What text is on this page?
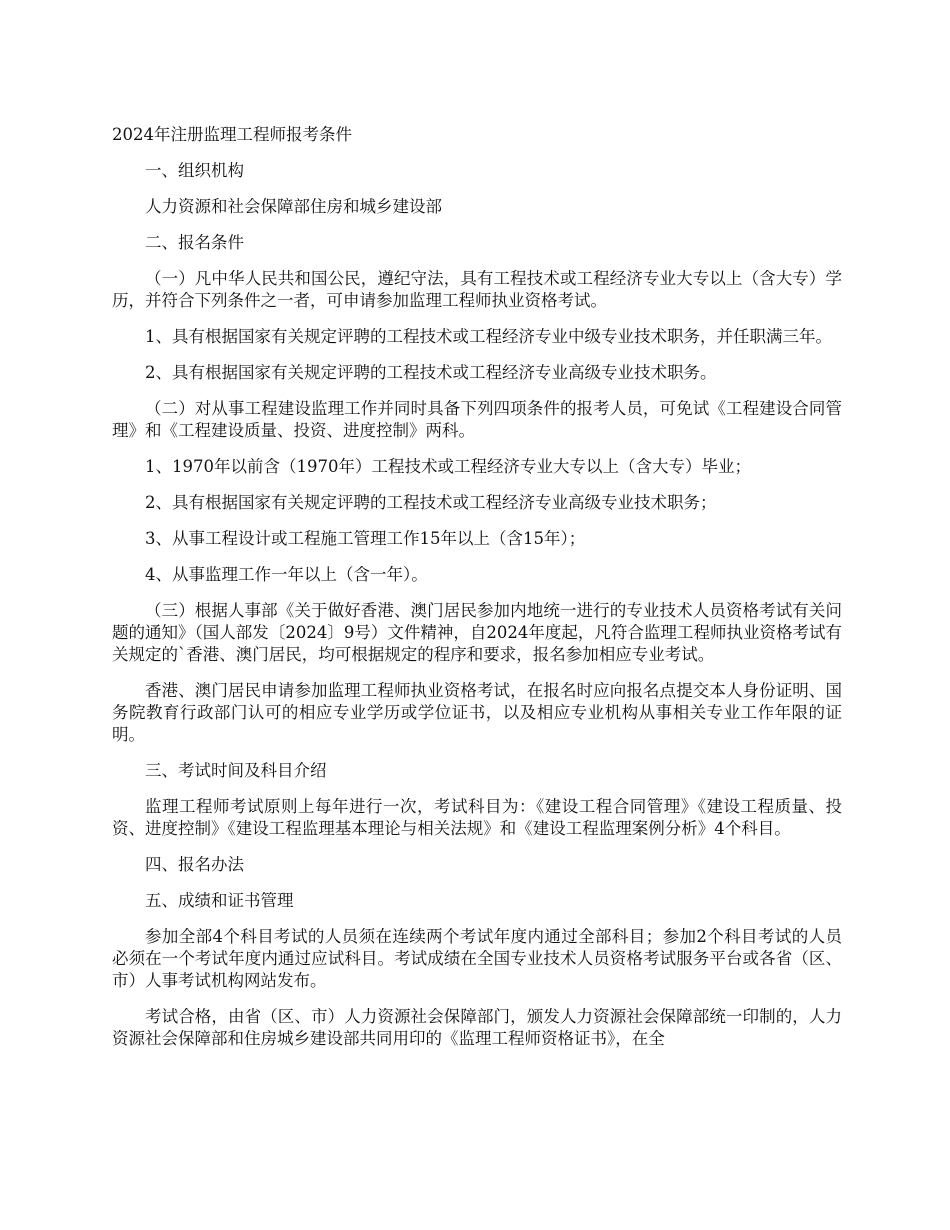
2024年注册监理工程师报考条件

一、组织机构

人力资源和社会保障部住房和城乡建设部

二、报名条件

（一）凡中华人民共和国公民，遵纪守法，具有工程技术或工程经济专业大专以上（含大专）学历，并符合下列条件之一者，可申请参加监理工程师执业资格考试。

1、具有根据国家有关规定评聘的工程技术或工程经济专业中级专业技术职务，并任职满三年。

2、具有根据国家有关规定评聘的工程技术或工程经济专业高级专业技术职务。

（二）对从事工程建设监理工作并同时具备下列四项条件的报考人员，可免试《工程建设合同管理》和《工程建设质量、投资、进度控制》两科。

1、1970年以前含（1970年）工程技术或工程经济专业大专以上（含大专）毕业；

2、具有根据国家有关规定评聘的工程技术或工程经济专业高级专业技术职务；

3、从事工程设计或工程施工管理工作15年以上（含15年）；

4、从事监理工作一年以上（含一年）。

（三）根据人事部《关于做好香港、澳门居民参加内地统一进行的专业技术人员资格考试有关问题的通知》（国人部发〔2024〕9号）文件精神，自2024年度起，凡符合监理工程师执业资格考试有关规定的`香港、澳门居民，均可根据规定的程序和要求，报名参加相应专业考试。

香港、澳门居民申请参加监理工程师执业资格考试，在报名时应向报名点提交本人身份证明、国务院教育行政部门认可的相应专业学历或学位证书，以及相应专业机构从事相关专业工作年限的证明。

三、考试时间及科目介绍

监理工程师考试原则上每年进行一次，考试科目为：《建设工程合同管理》《建设工程质量、投资、进度控制》《建设工程监理基本理论与相关法规》和《建设工程监理案例分析》4个科目。

四、报名办法

五、成绩和证书管理

参加全部4个科目考试的人员须在连续两个考试年度内通过全部科目；参加2个科目考试的人员必须在一个考试年度内通过应试科目。考试成绩在全国专业技术人员资格考试服务平台或各省（区、市）人事考试机构网站发布。

考试合格，由省（区、市）人力资源社会保障部门，颁发人力资源社会保障部统一印制的，人力资源社会保障部和住房城乡建设部共同用印的《监理工程师资格证书》，在全
